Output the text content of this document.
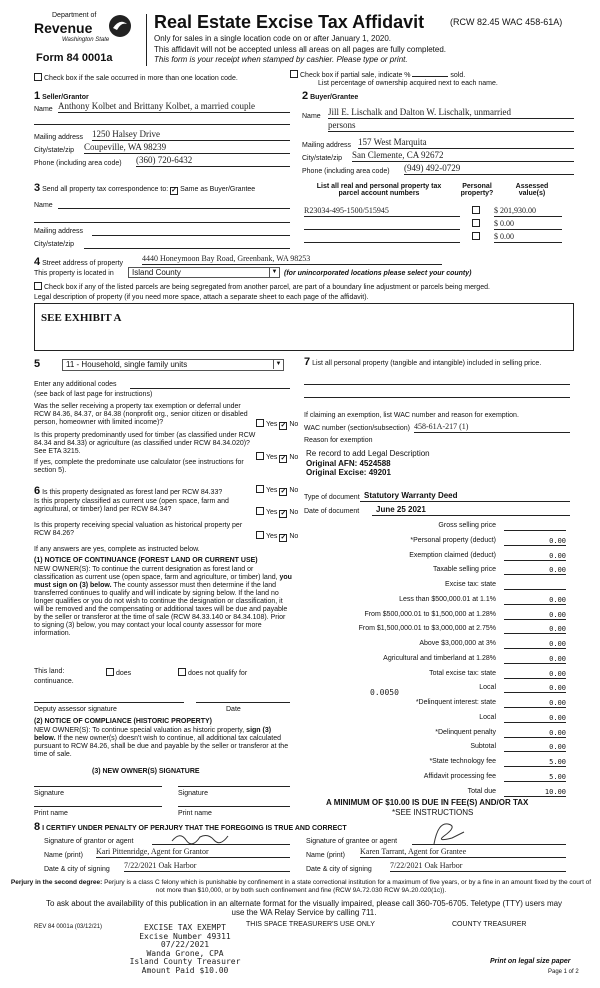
Department of
Revenue
Washington State
Form 84 0001a
Real Estate Excise Tax Affidavit	(RCW 82.45 WAC 458-61A)
Only for sales in a single location code on or after January 1, 2020.
This affidavit will not be accepted unless all areas on all pages are fully completed.
This form is your receipt when stamped by cashier. Please type or print.
Check box if the sale occurred in more than one location code.	Check box if partial sale, indicate %	sold.
List percentage of ownership acquired next to each name.
1 Seller/Grantor
Name Anthony Kolbet and Brittany Kolbet, a married couple
Mailing address 1250 Halsey Drive
City/state/zip Coupeville, WA 98239
Phone (including area code) (360) 720-6432
2 Buyer/Grantee
Name Jill E. Lischalk and Dalton W. Lischalk, unmarried
persons
Mailing address 157 West Marquita
City/state/zip San Clemente, CA 92672
Phone (including area code) (949) 492-0729
3 Send all property tax correspondence to: ✓ Same as Buyer/Grantee
Name
Mailing address
City/state/zip
List all real and personal property tax parcel account numbers
Personal property?
Assessed value(s)
R23034-495-1500/515945	$ 201,930.00
$ 0.00
$ 0.00
4 Street address of property
4440 Honeymoon Bay Road, Greenbank, WA 98253
This property is located in	Island County	▼ (for unincorporated locations please select your county)
Check box if any of the listed parcels are being segregated from another parcel, are part of a boundary line adjustment or parcels being merged.
Legal description of property (if you need more space, attach a separate sheet to each page of the affidavit).
SEE EXHIBIT A
5	11 - Household, single family units	▼
Enter any additional codes
(see back of last page for instructions)
Was the seller receiving a property tax exemption or deferral under RCW 84.36, 84.37, or 84.38 (nonprofit org., senior citizen or disabled person, homeowner with limited income)?	Yes ✓ No
Is this property predominantly used for timber (as classified under RCW 84.34 and 84.33) or agriculture (as classified under RCW 84.34.020)? See ETA 3215.
Yes ✓ No
If yes, complete the predominate use calculator (see instructions for section 5).
6 Is this property designated as forest land per RCW 84.33?	Yes ✓ No
Is this property classified as current use (open space, farm and agricultural, or timber) land per RCW 84.34?	Yes ✓ No
Is this property receiving special valuation as historical property per RCW 84.26?	Yes ✓ No
If any answers are yes, complete as instructed below.
(1) NOTICE OF CONTINUANCE (FOREST LAND OR CURRENT USE)
NEW OWNER(S): To continue the current designation as forest land or classification as current use (open space, farm and agriculture, or timber) land, you must sign on (3) below. The county assessor must then determine if the land transferred continues to qualify and will indicate by signing below. If the land no longer qualifies or you do not wish to continue the designation or classification, it will be removed and the compensating or additional taxes will be due and payable by the seller or transferor at the time of sale (RCW 84.33.140 or 84.34.108). Prior to signing (3) below, you may contact your local county assessor for more information.
This land:	does	does not qualify for
continuance.
Deputy assessor signature	Date
(2) NOTICE OF COMPLIANCE (HISTORIC PROPERTY)
NEW OWNER(S): To continue special valuation as historic property, sign (3) below. If the new owner(s) doesn't wish to continue, all additional tax calculated pursuant to RCW 84.26, shall be due and payable by the seller or transferor at the time of sale.
(3) NEW OWNER(S) SIGNATURE
Signature	Signature
Print name	Print name
7 List all personal property (tangible and intangible) included in selling price.
If claiming an exemption, list WAC number and reason for exemption.
WAC number (section/subsection) 458-61A-217 (1)
Reason for exemption
Re record to add Legal Description
Original AFN: 4524588
Original Excise: 49201
Type of document Statutory Warranty Deed
Date of document	June 25 2021
Gross selling price

*Personal property (deduct)	0.00
Exemption claimed (deduct)	0.00
Taxable selling price	0.00
Excise tax: state

Less than $500,000.01 at 1.1%	0.00
From $500,000.01 to $1,500,000 at 1.28%	0.00
From $1,500,000.01 to $3,000,000 at 2.75%	0.00
Above $3,000,000 at 3%	0.00
Agricultural and timberland at 1.28%	0.00
Total excise tax: state	0.00
Local	0.00
*Delinquent interest: state	0.00
Local	0.00
*Delinquent penalty	0.00
Subtotal	0.00
*State technology fee	5.00
Affidavit processing fee	5.00
Total due	10.00
0.0050
A MINIMUM OF $10.00 IS DUE IN FEE(S) AND/OR TAX
*SEE INSTRUCTIONS
8 I CERTIFY UNDER PENALTY OF PERJURY THAT THE FOREGOING IS TRUE AND CORRECT
Signature of grantor or agent	Signature of grantee or agent
Name (print) Kari Pittenridge, Agent for Grantor	Name (print) Karen Tarrant, Agent for Grantee
Date & city of signing 7/22/2021 Oak Harbor	Date & city of signing 7/22/2021 Oak Harbor
Perjury in the second degree: Perjury is a class C felony which is punishable by confinement in a state correctional institution for a maximum of five years, or by a fine in an amount fixed by the court of not more than $10,000, or by both such confinement and fine (RCW 9A.72.030 RCW 9A.20.020(1c)).
To ask about the availability of this publication in an alternate format for the visually impaired, please call 360-705-6705. Teletype (TTY) users may use the WA Relay Service by calling 711.
REV 84 0001a (03/12/21)	THIS SPACE TREASURER'S USE ONLY	COUNTY TREASURER
EXCISE TAX EXEMPT
Excise Number 49311
07/22/2021
Wanda Grone, CPA
Island County Treasurer
Amount Paid $10.00
Print on legal size paper
Page 1 of 2
